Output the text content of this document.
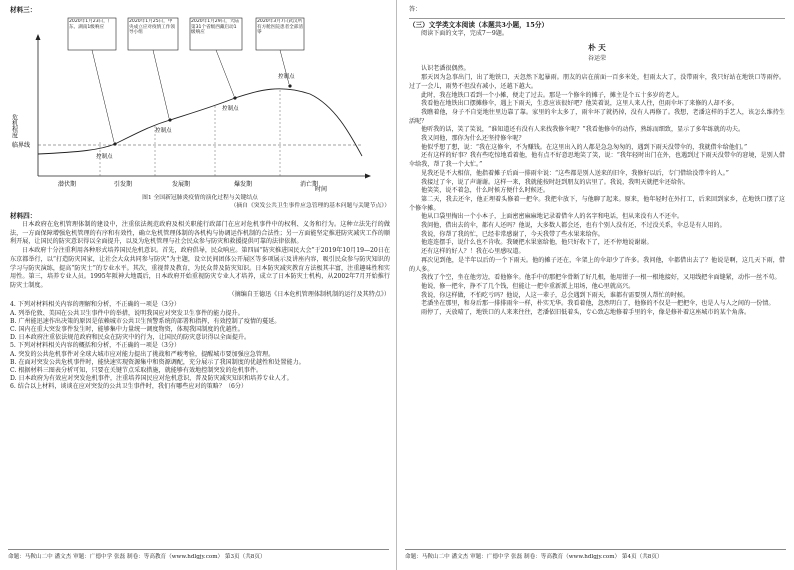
材料三：
危机程度
时间
临界线
潜伏期	引发期	发展期	爆发期	消亡期
控制点
控制点
控制点
控制点
2020年1月23日，广东、湖南1级响应
2020年1月25日，中央成立应对疫情工作领导小组
2020年1月29日，大陆第31个省级西藏启动1级响应
2020年3月7日武汉所有方舱医院患者全部清零
图1 全国新冠肺炎疫情的演化过程与关键结点
（摘自《突发公共卫生事件应急管理的基本问题与关键节点》）
材料四：
日本政府在危机管理体制的建设中，注重依法规范政府及相关职能行政部门在应对危机事件中的权利、义务和行为。这种立法先行的做法，一方面保障增强危机管理的有序和有效性，确立危机管理体制的各机构与协调运作机制的合法性；另一方面能坚定推进防灾减灾工作的顺利开展，让国民的防灾意识得以全面提升，以及为危机管理与社会民众参与防灾和救援提供可靠的法律依据。
日本政府十分注重利用各种形式培养国民危机意识。首先，政府倡导，民众响应。第四届“防灾推进国民大会”于2019年10月19—20日在东京都举行，以“打造防灾国家，让社会大众共同参与防灾”为主题，设立民间团体公开展区等多项展示及讲座内容，吸引民众参与防灾知识的学习与防灾演练，提高“防灾士”的专业水平。其次，重视普及教育，为民众普及防灾知识。日本防灾减灾教育方法极其丰富，注重趣味性和实用性。第三，培养专业人员。1995年阪神大地震后，日本政府开始重视防灾专业人才培养，成立了日本防灾士机构，从2002年7月开始推行防灾士制度。
（摘编自王德迅《日本危机管理体制机制的运行及其特点》）
4. 下列对材料相关内容的理解和分析，不正确的一项是（3分）
A. 列举伦敦、美国在公共卫生事件中的举措，说明我国应对突发卫生事件的能力提升。
B. 广州能迅速作出决策的原因是依赖城市公共卫生预警系统的部署和指挥，有效控制了疫情的蔓延。
C. 国内在重大突发事件发生时，能够集中力量统一调度物资，体现我国制度的优越性。
D. 日本政府注重依法规范政府和民众在防灾中的行为，让国民的防灾意识得以全面提升。
5. 下列对材料相关内容的概括和分析，不正确的一项是（3分）
A. 突发的公共危机事件对全球大城市应对能力提出了挑战和严峻考验，提醒城市要加强应急管理。
B. 在面对突发公共危机事件时，能快速实现资源集中和资源调配，充分展示了我国制度的优越性和处置能力。
C. 根据材料三图表分析可知，只要在关键节点采取措施，就能够有效地控制突发的危机事件。
D. 日本政府为有效应对突发危机事件，注重培养国民应对危机意识，普及防灾减灾知识和培养专业人才。
6. 结合以上材料，谈谈在应对突发的公共卫生事件时，我们有哪些应对的策略？（6分）
命题：马鞍山二中 潘文杰 审题：广德中学 张磊 制卷：等高教育（www.hdlgjy.com） 第3页（共8页）
答：
（三）文学类文本阅读（本题共3小题，15分）
阅读下面的文字，完成7～9题。
朴 天
谷运荣
认识老潘很偶然。
那天因为急事出门，出了地铁口，天忽然下起暴雨。朋友的店在前面一百多米处，但雨太大了，没带雨伞，我只好站在地铁口等雨停。过了一会儿，雨势不但没有减小，还越下越大。
此时，我在地铁口看到一个小摊，便走了过去。那是一个修伞的摊子，摊主是个五十多岁的老人。
我看他在地铁出口摆摊修伞，遇上下雨天，生意应该很好吧？他笑着说，这里人来人往，但雨伞坏了来修的人却不多。
我瞧着他，身子不自觉地往里边靠了靠。家里的伞太多了，雨伞坏了就扔掉，没有人再修了。我想，老潘这样的手艺人，该怎么维持生活呢？
他听我的话，笑了笑说，“谁知道还有没有人来找我修伞呢？”我看他修伞的动作，熟练而细致，显示了多年练就的功夫。
我又问他，那你为什么还坚持修伞呢？
他似乎想了想，说：“我在这修伞，不为赚钱。在这里出入的人都是急急匆匆的，遇到下雨天没带伞的，我就借伞给他们。”
还有这样的好事？我有些吃惊地看着他，他有点不好意思地笑了笑，说：“我年轻时出门在外，也遇到过下雨天没带伞的窘境，是别人借伞给我，帮了我一个大忙。”
见我还是不大相信，他指着摊子后面一排雨伞说：“这些都是别人送来的旧伞，我修好以后，专门借给没带伞的人。”
我接过了伞，说了声谢谢。这样一来，我就能按时赶到朋友的店里了。我说，我明天就把伞还给你。
他笑笑，说不着急，什么时候方便什么时候还。
第二天，我去还伞，他正埋着头修着一把伞。我把伞放下，与他聊了起来。原来，他年轻时在外打工，后来回到家乡，在地铁口摆了这个修伞摊。
他从口袋里掏出一个小本子，上面密密麻麻地记录着借伞人的名字和电话，但从来没有人不还伞。
我问他，借出去的伞，都有人还吗？他说，大多数人都会还，也有个别人没有还，不过没关系，伞总是有人用的。
我说，你帮了我的忙，已经非常感谢了，今天我带了些水果来给你。
他连连摆手，说什么也不肯收。我硬把水果塞给他，他只好收下了，还不停地说谢谢。
还有这样的好人？！我在心里感叹道。
再次见到他，是半年以后的一个下雨天。他的摊子还在，伞架上的伞却少了许多。我问他，伞都借出去了？他说是啊，这几天下雨，借的人多。
我找了个空，坐在他旁边，看他修伞。他手中的那把伞骨断了好几根，他用钳子一根一根地接好，又用线把伞面缝紧，动作一丝不苟。
他说，修一把伞，挣不了几个钱，但能让一把伞重新派上用场，他心里就高兴。
我说，你这样做，不怕吃亏吗？他说，人这一辈子，总会遇到下雨天，谁都有需要别人帮忙的时候。
老潘坐在那里，和身后那一排排雨伞一样，朴实无华。我看着他，忽然明白了，他修的不仅是一把把伞，也是人与人之间的一份情。
雨停了，天放晴了，地铁口的人来来往往，老潘依旧低着头，专心致志地修着手里的伞，像是修补着这座城市的某个角落。
命题：马鞍山二中 潘文杰 审题：广德中学 张磊 制卷：等高教育（www.hdlgjy.com） 第4页（共8页）
